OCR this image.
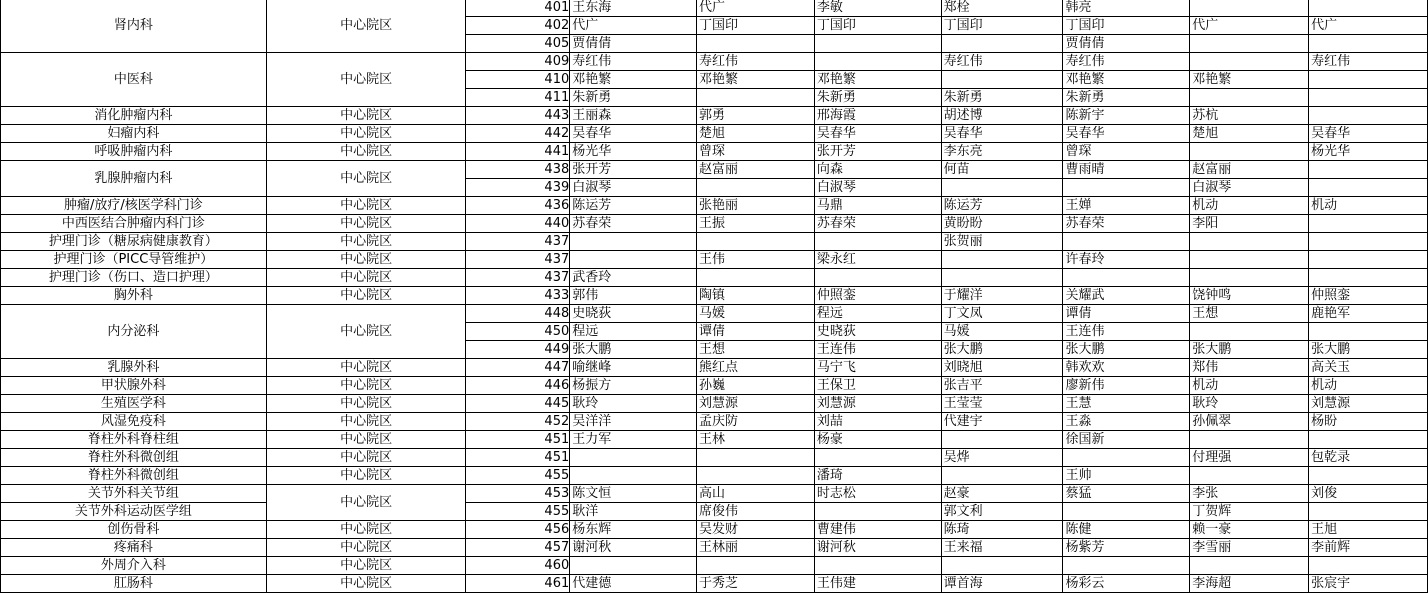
肾内科	中心院区	401	王东海	代广	李敏	郑栓	韩亮		
		402	代广	丁国印	丁国印	丁国印	丁国印	代广	代广
		405	贾倩倩				贾倩倩		
中医科	中心院区	409	寿红伟	寿红伟		寿红伟	寿红伟		寿红伟
		410	邓艳繁	邓艳繁	邓艳繁		邓艳繁	邓艳繁	
		411	朱新勇		朱新勇	朱新勇	朱新勇		
消化肿瘤内科	中心院区	443	王丽森	郭勇	邢海霞	胡述博	陈新宇	苏杭	
妇瘤内科	中心院区	442	吴春华	楚旭	吴春华	吴春华	吴春华	楚旭	吴春华
呼吸肿瘤内科	中心院区	441	杨光华	曾琛	张开芳	李东亮	曾琛		杨光华
乳腺肿瘤内科	中心院区	438	张开芳	赵富丽	向森	何苗	曹雨晴	赵富丽	
		439	白淑琴		白淑琴			白淑琴	
肿瘤/放疗/核医学科门诊	中心院区	436	陈运芳	张艳丽	马鼎	陈运芳	王婵	机动	机动
中西医结合肿瘤内科门诊	中心院区	440	苏春荣	王振	苏春荣	黄盼盼	苏春荣	李阳	
护理门诊（糖尿病健康教育）	中心院区	437				张贺丽			
护理门诊（PICC导管维护）	中心院区	437		王伟	梁永红		许春玲		
护理门诊（伤口、造口护理）	中心院区	437	武香玲						
胸外科	中心院区	433	郭伟	陶镇	仲照銮	于耀洋	关耀武	饶钟鸣	仲照銮
内分泌科	中心院区	448	史晓荻	马媛	程远	丁文凤	谭倩	王想	鹿艳军
		450	程远	谭倩	史晓荻	马媛	王连伟		
		449	张大鹏	王想	王连伟	张大鹏	张大鹏	张大鹏	张大鹏
乳腺外科	中心院区	447	喻继峰	熊红点	马宁飞	刘晓旭	韩欢欢	郑伟	高关玉
甲状腺外科	中心院区	446	杨振方	孙巍	王保卫	张吉平	廖新伟	机动	机动
生殖医学科	中心院区	445	耿玲	刘慧源	刘慧源	王莹莹	王慧	耿玲	刘慧源
风湿免疫科	中心院区	452	吴洋洋	孟庆防	刘喆	代建宇	王淼	孙佩翠	杨盼
脊柱外科脊柱组	中心院区	451	王力军	王林	杨豪		徐国新		
脊柱外科微创组	中心院区	451				吴烨		付理强	包乾录
脊柱外科微创组	中心院区	455			潘琦		王帅		
关节外科关节组	中心院区	453	陈文恒	高山	时志松	赵豪	蔡猛	李张	刘俊
关节外科运动医学组		455	耿洋	席俊伟		郭文利		丁贺辉	
创伤骨科	中心院区	456	杨东辉	吴发财	曹建伟	陈琦	陈健	赖一豪	王旭
疼痛科	中心院区	457	谢河秋	王林丽	谢河秋	王来福	杨紫芳	李雪丽	李前辉
外周介入科	中心院区	460							
肛肠科	中心院区	461	代建德	于秀芝	王伟建	谭首海	杨彩云	李海超	张宸宇
